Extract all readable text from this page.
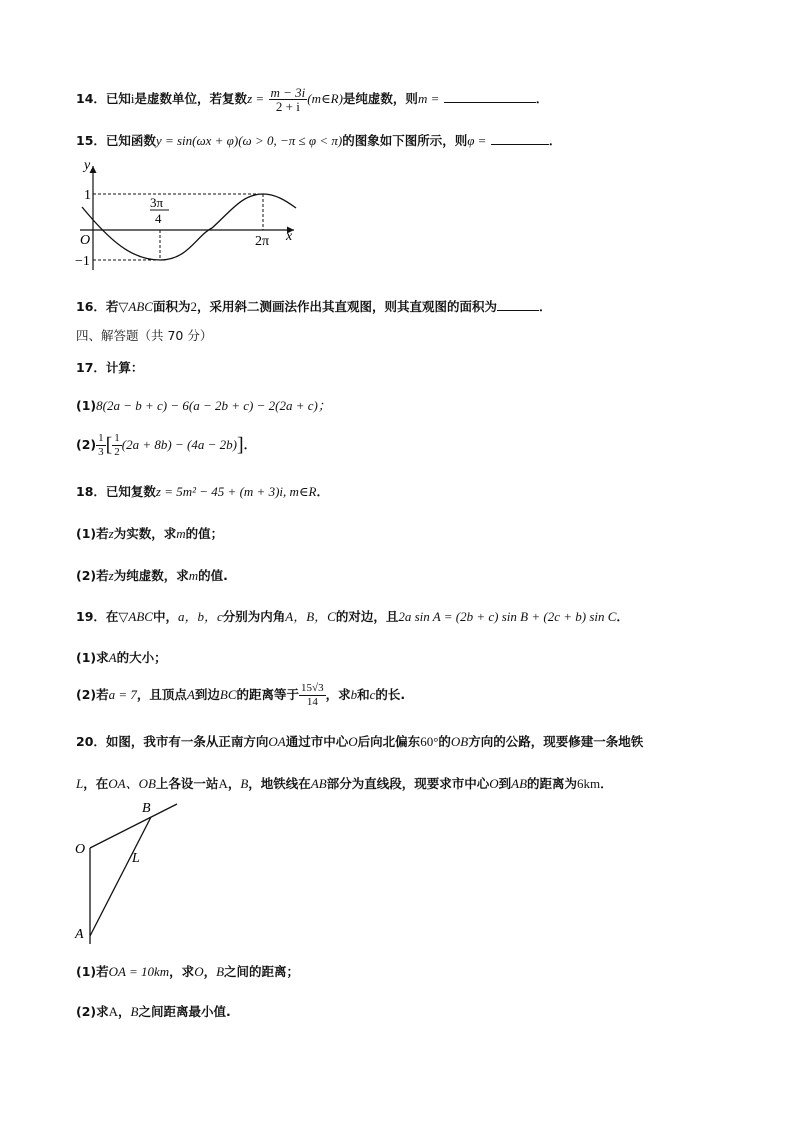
14．已知i是虚数单位，若复数$z = \frac{m - 3i}{2 + i}$ (m∈R)是纯虚数，则m =	．
15．已知函数y = sin(ωx + φ)(ω > 0, −π ≤ φ < π)的图象如下图所示，则φ =	．
y
x
O
1
−1
3π
4
2π
16．若▽ABC面积为2，采用斜二测画法作出其直观图，则其直观图的面积为	．
四、解答题（共 70 分）
17．计算：
(1)8(2a − b + c) − 6(a − 2b + c) − 2(2a + c)；
$(2) \frac{1}{3}$ [ $\frac{1}{2} (2a + 8b) - (4a - 2b)$]．
18．已知复数z = 5m² − 45 + (m + 3)i, m∈R．
(1)若z为实数，求m的值；
(2)若z为纯虚数，求m的值.
19．在▽ABC中，a，b，c分别为内角A，B，C的对边，且2a sin A = (2b + c) sin B + (2c + b) sin C．
(1)求A的大小；
(2)若a = 7，且顶点A到边BC的距离等于 $\frac{15√3}{14}$ ，求b和c的长.
20．如图，我市有一条从正南方向OA通过市中心O后向北偏东60°的OB方向的公路，现要修建一条地铁
L，在OA、OB上各设一站A，B，地铁线在AB部分为直线段，现要求市中心O到AB的距离为6km．
B
O
L
A
(1)若OA = 10km，求O，B之间的距离；
(2)求A，B之间距离最小值.
